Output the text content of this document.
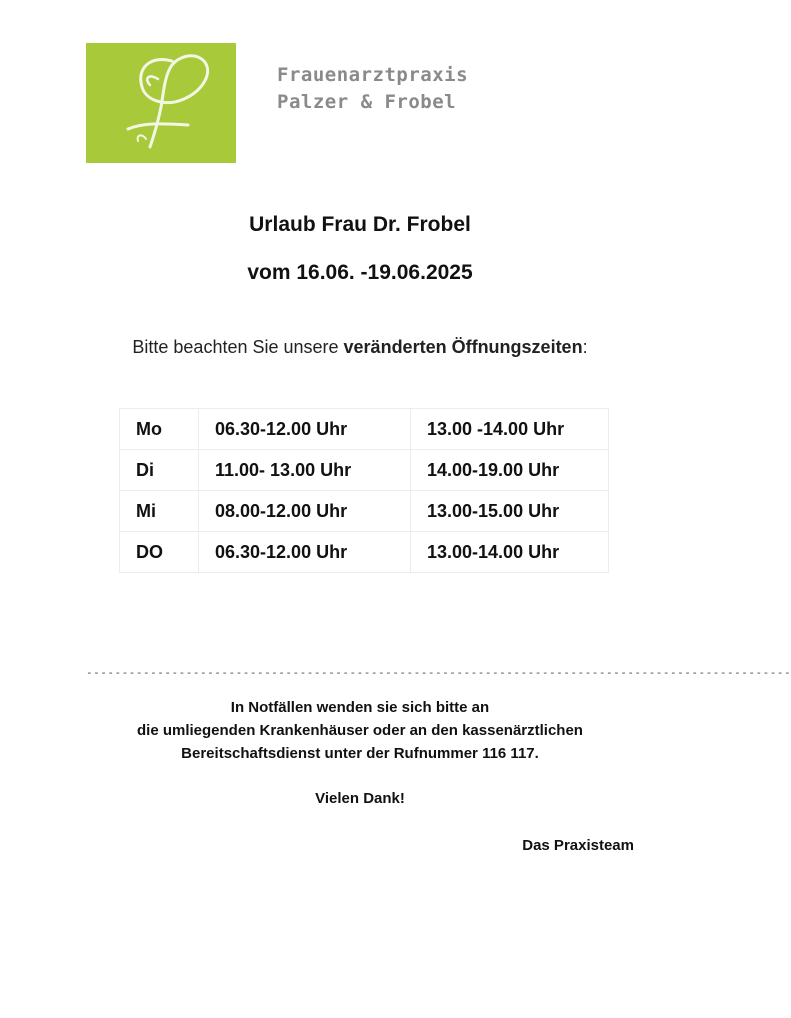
Frauenarztpraxis
Palzer & Frobel
Urlaub Frau Dr. Frobel
vom 16.06. -19.06.2025
Bitte beachten Sie unsere veränderten Öffnungszeiten:
Mo	06.30-12.00 Uhr	13.00 -14.00 Uhr
Di	11.00- 13.00 Uhr	14.00-19.00 Uhr
Mi	08.00-12.00 Uhr	13.00-15.00 Uhr
DO	06.30-12.00 Uhr	13.00-14.00 Uhr
---------------------------------------------------------------------------------------------------
In Notfällen wenden sie sich bitte an
die umliegenden Krankenhäuser oder an den kassenärztlichen
Bereitschaftsdienst unter der Rufnummer 116 117.
Vielen Dank!
Das Praxisteam
